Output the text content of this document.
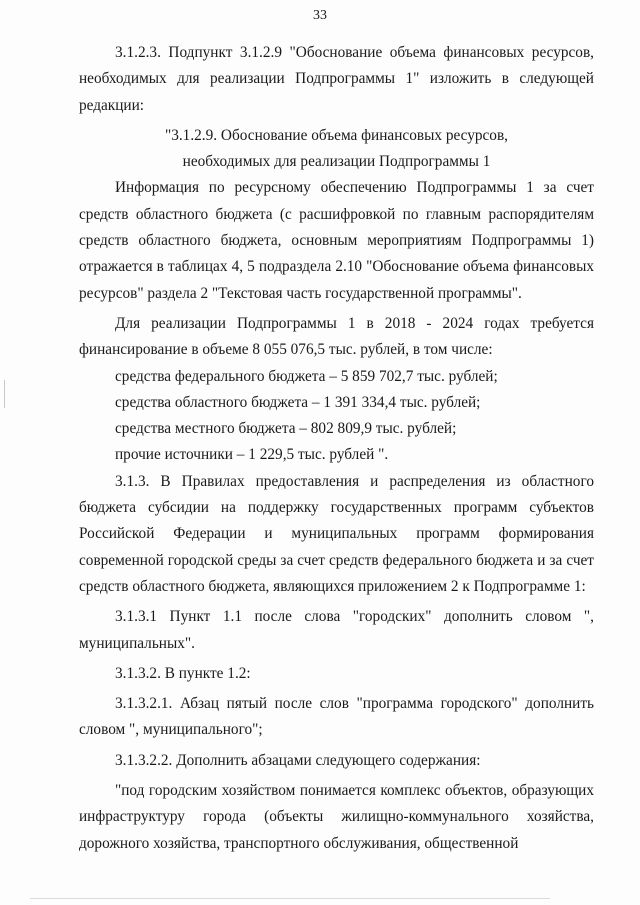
33

3.1.2.3. Подпункт 3.1.2.9 "Обоснование объема финансовых ресурсов, необходимых для реализации Подпрограммы 1" изложить в следующей редакции:

"3.1.2.9. Обоснование объема финансовых ресурсов,

необходимых для реализации Подпрограммы 1

Информация по ресурсному обеспечению Подпрограммы 1 за счет средств областного бюджета (с расшифровкой по главным распорядителям средств областного бюджета, основным мероприятиям Подпрограммы 1) отражается в таблицах 4, 5 подраздела 2.10 "Обоснование объема финансовых ресурсов" раздела 2 "Текстовая часть государственной программы".

Для реализации Подпрограммы 1 в 2018 - 2024 годах требуется финансирование в объеме 8 055 076,5 тыс. рублей, в том числе:

средства федерального бюджета – 5 859 702,7 тыс. рублей;

средства областного бюджета – 1 391 334,4 тыс. рублей;

средства местного бюджета – 802 809,9 тыс. рублей;

прочие источники – 1 229,5 тыс. рублей ".

3.1.3. В Правилах предоставления и распределения из областного бюджета субсидии на поддержку государственных программ субъектов Российской Федерации и муниципальных программ формирования современной городской среды за счет средств федерального бюджета и за счет средств областного бюджета, являющихся приложением 2 к Подпрограмме 1:

3.1.3.1 Пункт 1.1 после слова "городских" дополнить словом ", муниципальных".

3.1.3.2. В пункте 1.2:

3.1.3.2.1. Абзац пятый после слов "программа городского" дополнить словом ", муниципального";

3.1.3.2.2. Дополнить абзацами следующего содержания:

"под городским хозяйством понимается комплекс объектов, образующих инфраструктуру города (объекты жилищно-коммунального хозяйства, дорожного хозяйства, транспортного обслуживания, общественной
